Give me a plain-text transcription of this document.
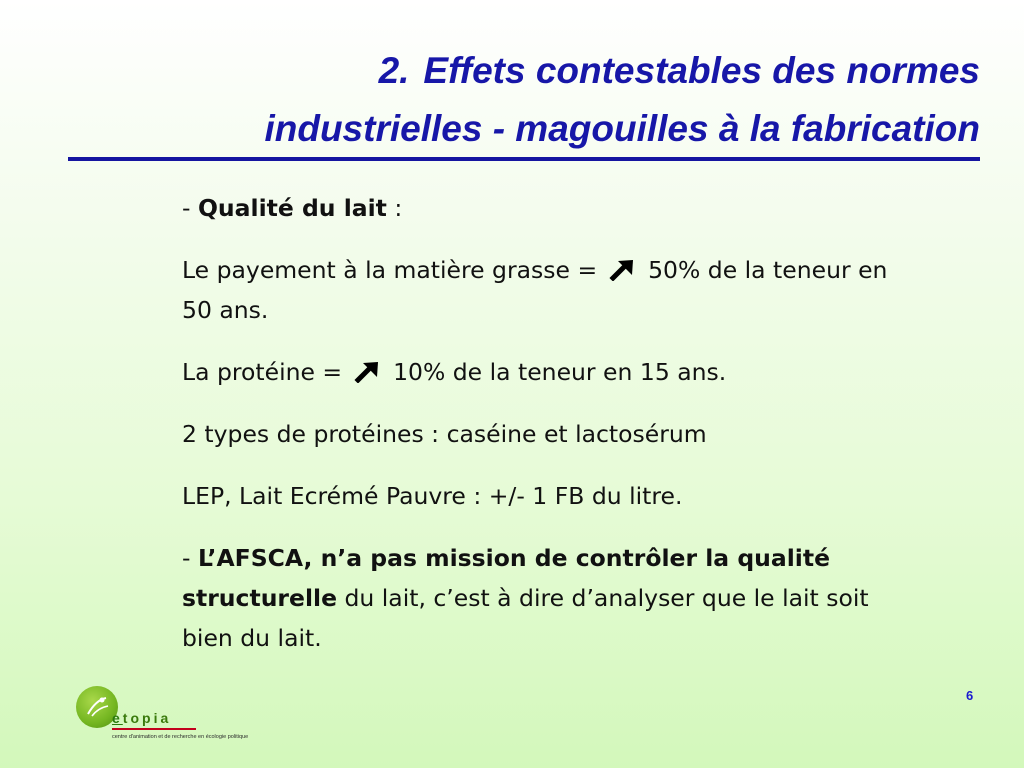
2. Effets contestables des normes
industrielles - magouilles à la fabrication

- Qualité du lait :

Le payement à la matière grasse =  50% de la teneur en 50 ans.

La protéine =  10% de la teneur en 15 ans.

2 types de protéines : caséine et lactosérum

LEP, Lait Ecrémé Pauvre : +/- 1 FB du litre.

- L’AFSCA, n’a pas mission de contrôler la qualité structurelle du lait, c’est à dire d’analyser que le lait soit bien du lait.

6
etopia
centre d'animation et de recherche en écologie politique
